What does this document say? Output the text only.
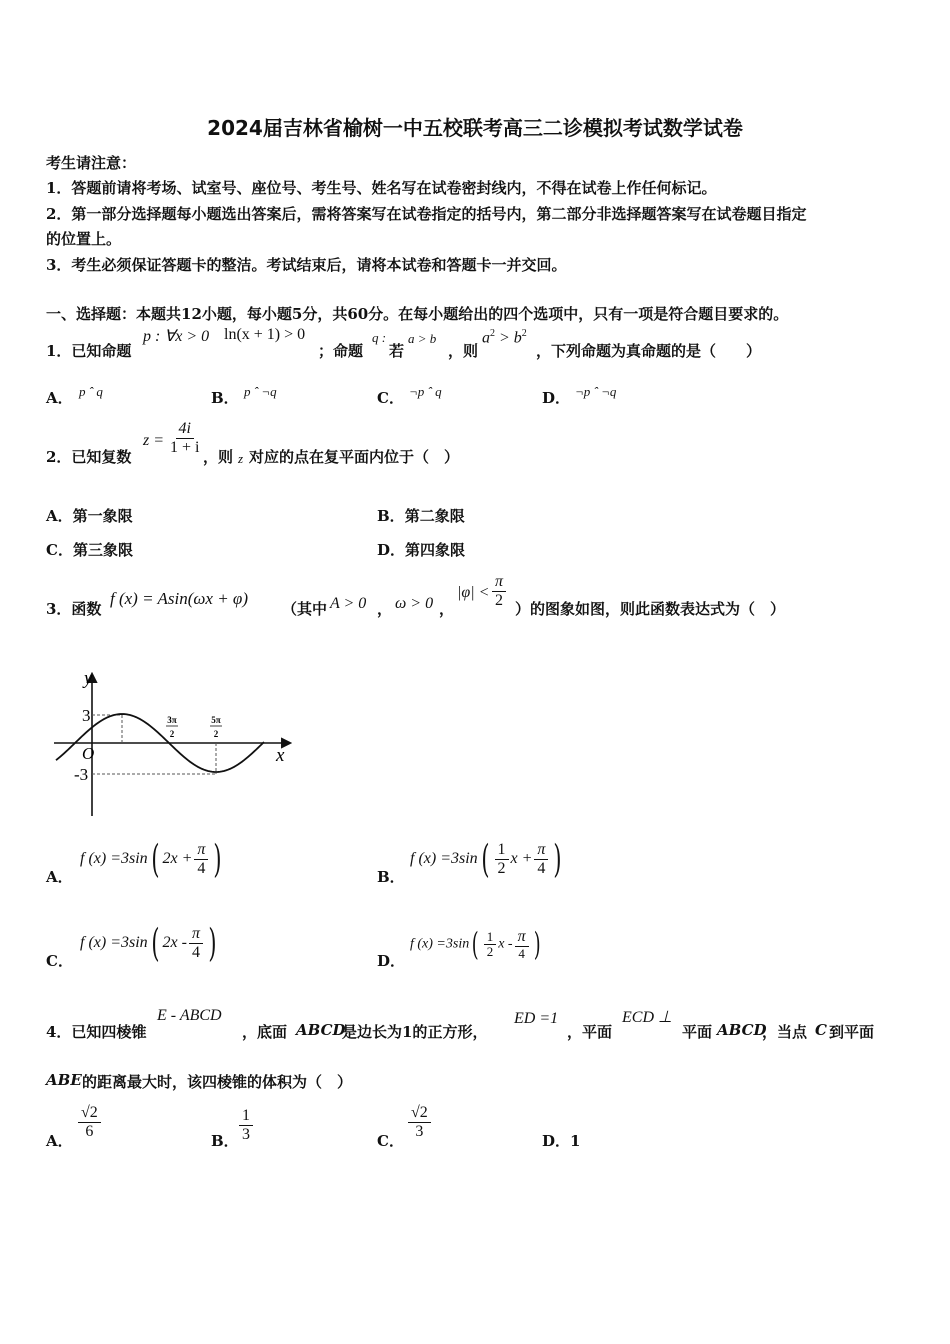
2024届吉林省榆树一中五校联考高三二诊模拟考试数学试卷
考生请注意：
1．答题前请将考场、试室号、座位号、考生号、姓名写在试卷密封线内，不得在试卷上作任何标记。
2．第一部分选择题每小题选出答案后，需将答案写在试卷指定的括号内，第二部分非选择题答案写在试卷题目指定
的位置上。
3．考生必须保证答题卡的整洁。考试结束后，请将本试卷和答题卡一并交回。
一、选择题：本题共12小题，每小题5分，共60分。在每小题给出的四个选项中，只有一项是符合题目要求的。
1．已知命题
p : ∀x > 0 ln(x + 1) > 0
；命题
q :
若
a > b
，则
$a^2 > b^2$
，下列命题为真命题的是（　　）
A． p ˆ q	B． p ˆ ¬q	C． ¬p ˆ q	D． ¬p ˆ ¬q
2．已知复数
$z = \frac{4i}{1 + i}$
，则 z 对应的点在复平面内位于（　）
A．第一象限	B．第二象限
C．第三象限	D．第四象限
3．函数
f (x) = Asin(ωx + φ)
（其中 A > 0 ， ω > 0 ，
$|\varphi| < \frac{\pi}{2}$ ）的图象如图，则此函数表达式为（　）
y
x
O
3
-3
3π
2
5π
2
A．
f (x) =3sin( $2x + \frac{\pi}{4}$ )	B．
f $(x) =3\sin( \frac{1}{2}$ $x + \frac{\pi}{4}$ )
C．
f (x) =3sin( $2x - \frac{\pi}{4}$ )	D．
f $(x) =3\sin( \frac{1}{2}$ x - $\frac{\pi}{4}$ )
4．已知四棱锥
E - ABCD
，底面 ABCD
是边长为1的正方形，
ED =1
，平面
ECD ⊥
平面 ABCD
，当点 C 到平面
ABE 的距离最大时，该四棱锥的体积为（　）
A．
$\frac{√2}{6}$
B． $\frac{1}{3}$	C．
$\frac{√2}{3}$
D．1
